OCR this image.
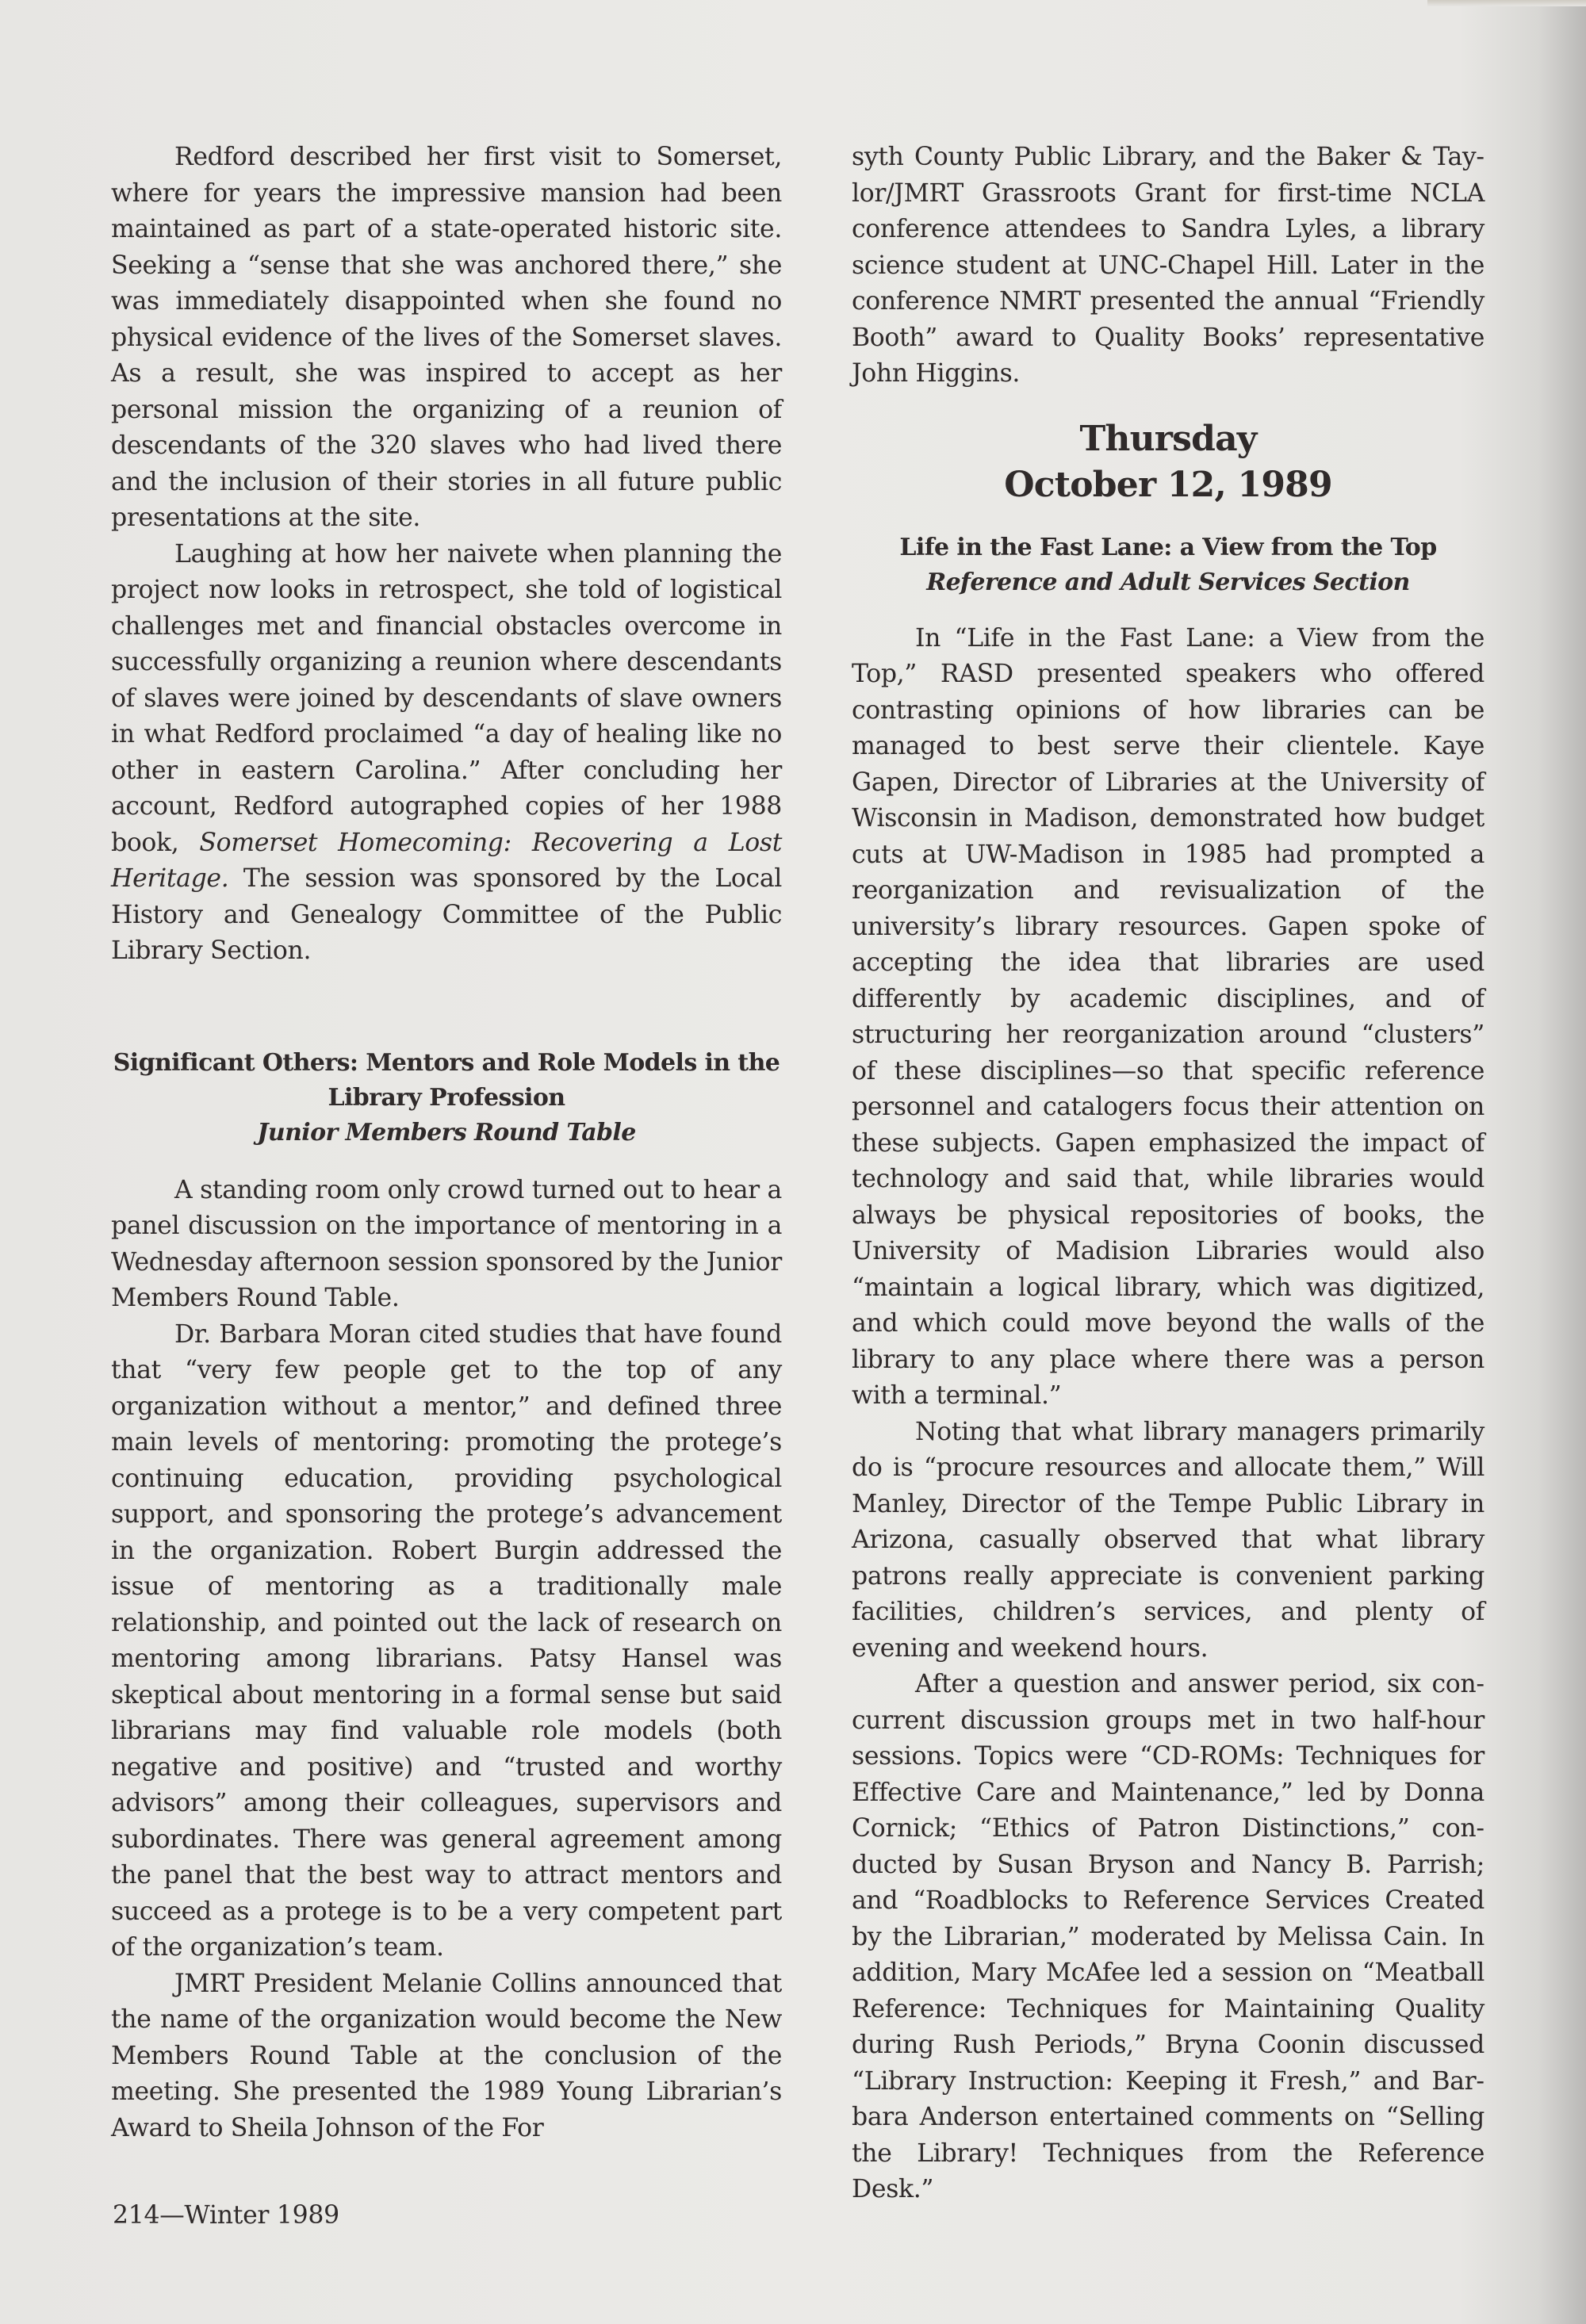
Redford described her first visit to Somerset, where for years the impressive mansion had been maintained as part of a state-operated historic site. Seeking a “sense that she was anchored there,” she was immediately disappointed when she found no physical evidence of the lives of the Somerset slaves. As a result, she was inspired to accept as her personal mission the organizing of a reunion of descendants of the 320 slaves who had lived there and the inclusion of their stories in all future public presentations at the site.

Laughing at how her naivete when planning the project now looks in retrospect, she told of logistical challenges met and financial obstacles overcome in successfully organizing a reunion where descendants of slaves were joined by descendants of slave owners in what Redford proclaimed “a day of healing like no other in eastern Carolina.” After concluding her account, Redford autographed copies of her 1988 book, Somerset Homecoming: Recovering a Lost Heritage. The session was sponsored by the Local History and Genealogy Committee of the Public Library Section.

Significant Others: Mentors and Role Models in the Library Profession
Junior Members Round Table

A standing room only crowd turned out to hear a panel discussion on the importance of mentoring in a Wednesday afternoon session sponsored by the Junior Members Round Table.

Dr. Barbara Moran cited studies that have found that “very few people get to the top of any organization without a mentor,” and defined three main levels of mentoring: promoting the protege’s continuing education, providing psychological support, and sponsoring the protege’s advancement in the organization. Robert Burgin addressed the issue of mentoring as a traditionally male relationship, and pointed out the lack of research on mentoring among librarians. Patsy Hansel was skeptical about mentoring in a formal sense but said librarians may find valuable role models (both negative and positive) and “trusted and worthy advisors” among their colleagues, supervisors and subordinates. There was general agreement among the panel that the best way to attract mentors and succeed as a protege is to be a very competent part of the organization’s team.

JMRT President Melanie Collins announced that the name of the organization would become the New Members Round Table at the conclusion of the meeting. She presented the 1989 Young Librarian’s Award to Sheila Johnson of the For

syth County Public Library, and the Baker & Taylor/JMRT Grassroots Grant for first-time NCLA conference attendees to Sandra Lyles, a library science student at UNC-Chapel Hill. Later in the conference NMRT presented the annual “Friendly Booth” award to Quality Books’ representative John Higgins.

Thursday
October 12, 1989
Life in the Fast Lane: a View from the Top
Reference and Adult Services Section

In “Life in the Fast Lane: a View from the Top,” RASD presented speakers who offered contrasting opinions of how libraries can be managed to best serve their clientele. Kaye Gapen, Director of Libraries at the University of Wisconsin in Madison, demonstrated how budget cuts at UW-Madison in 1985 had prompted a reorganization and revisualization of the university’s library resources. Gapen spoke of accepting the idea that libraries are used differently by academic disciplines, and of structuring her reorganization around “clusters” of these disciplines—so that specific reference personnel and catalogers focus their attention on these subjects. Gapen emphasized the impact of technology and said that, while libraries would always be physical repositories of books, the University of Madision Libraries would also “maintain a logical library, which was digitized, and which could move beyond the walls of the library to any place where there was a person with a terminal.”

Noting that what library managers primarily do is “procure resources and allocate them,” Will Manley, Director of the Tempe Public Library in Arizona, casually observed that what library patrons really appreciate is convenient parking facilities, children’s services, and plenty of evening and weekend hours.

After a question and answer period, six concurrent discussion groups met in two half-hour sessions. Topics were “CD-ROMs: Techniques for Effective Care and Maintenance,” led by Donna Cornick; “Ethics of Patron Distinctions,” conducted by Susan Bryson and Nancy B. Parrish; and “Roadblocks to Reference Services Created by the Librarian,” moderated by Melissa Cain. In addition, Mary McAfee led a session on “Meatball Reference: Techniques for Maintaining Quality during Rush Periods,” Bryna Coonin discussed “Library Instruction: Keeping it Fresh,” and Barbara Anderson entertained comments on “Selling the Library! Techniques from the Reference Desk.”

214—Winter 1989
